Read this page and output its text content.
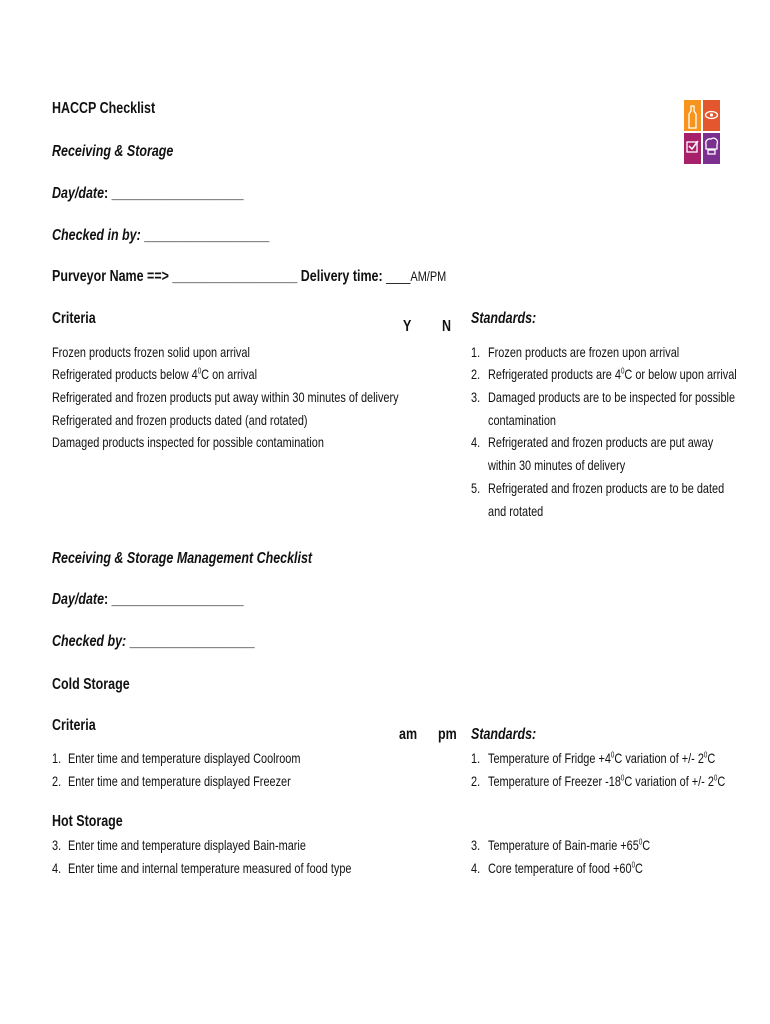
HACCP Checklist
Receiving & Storage
Day/date: ___________________
Checked in by: __________________
Purveyor Name ==> __________________ Delivery time: ____AM/PM
Criteria	Y N Standards:
Frozen products frozen solid upon arrival
Refrigerated products below $4^0C$ on arrival
Refrigerated and frozen products put away within 30 minutes of delivery
Refrigerated and frozen products dated (and rotated)
Damaged products inspected for possible contamination
1. Frozen products are frozen upon arrival
2. Refrigerated products are $4^0C$ or below upon arrival
3. Damaged products are to be inspected for possible
contamination
4. Refrigerated and frozen products are put away
within 30 minutes of delivery
5. Refrigerated and frozen products are to be dated
and rotated
Receiving & Storage Management Checklist
Day/date: ___________________
Checked by: __________________
Cold Storage
Criteria
am pm Standards:
1. Enter time and temperature displayed Coolroom
2. Enter time and temperature displayed Freezer
1. Temperature of Fridge $+4^0C$ variation of +/- $2^0C$
2. Temperature of Freezer $-18^0C$ variation of +/- $2^0C$
Hot Storage
3. Enter time and temperature displayed Bain-marie
4. Enter time and internal temperature measured of food type
3. Temperature of Bain-marie $+65^0C$
4. Core temperature of food $+60^0C$
